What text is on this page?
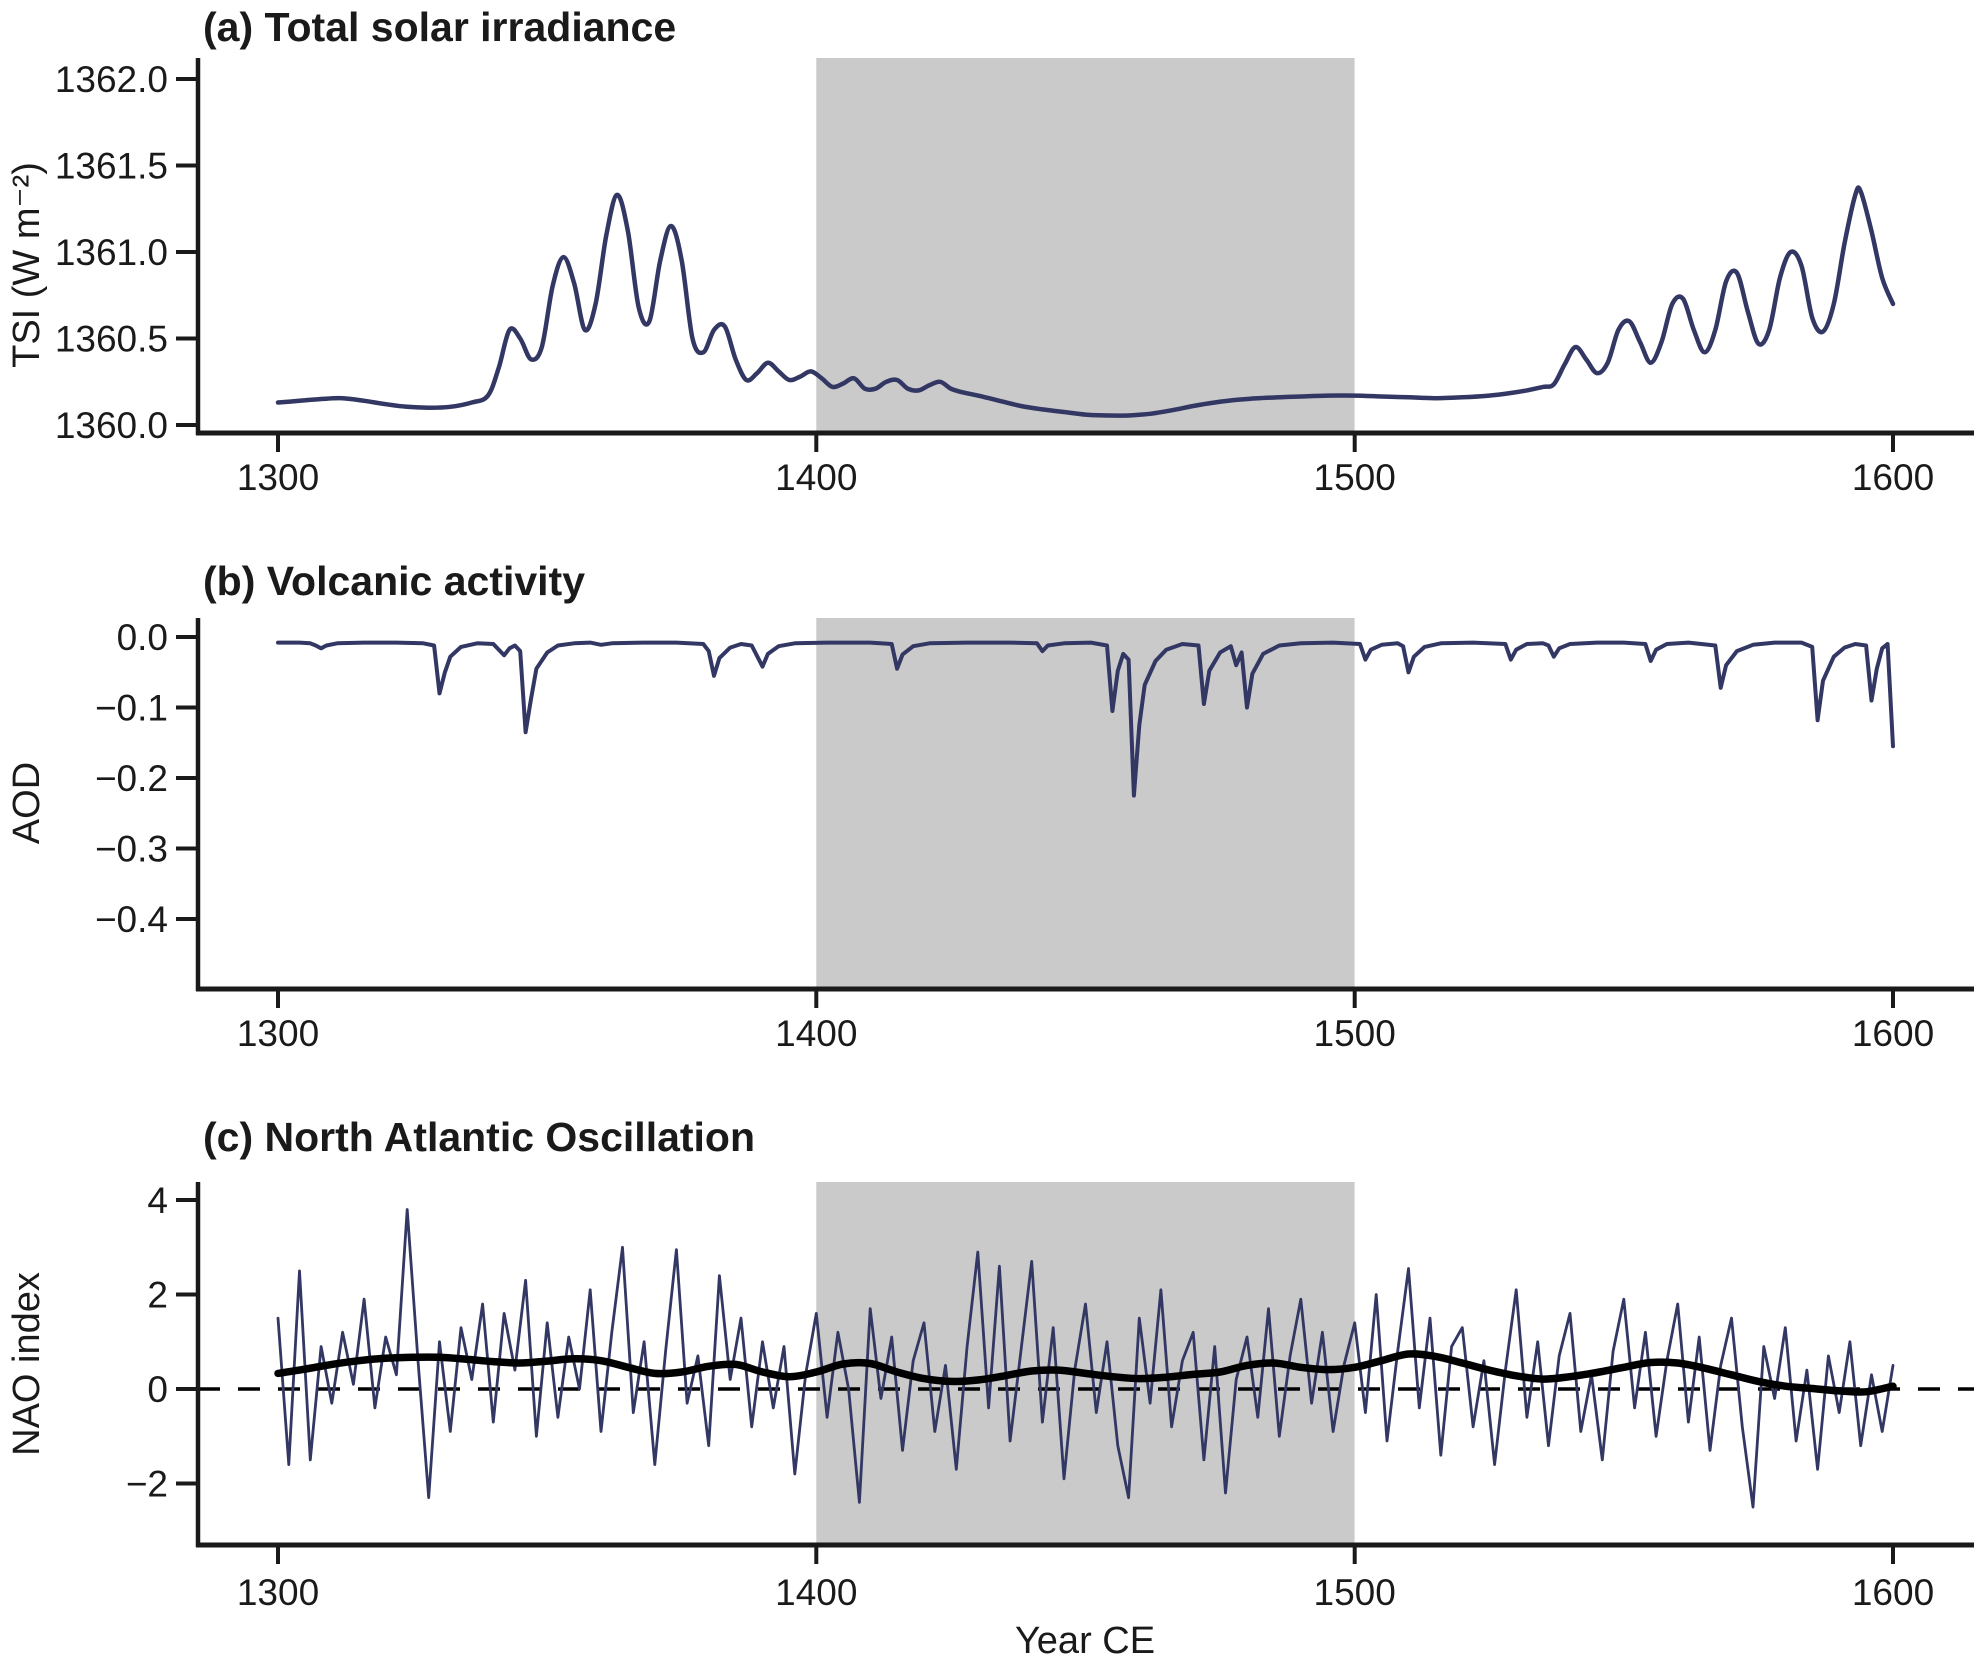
1362.0
1361.5
1361.0
1360.5
1360.0
1300	1400	1500	1600
0.0
−0.1
−0.2
−0.3
−0.4
1300	1400	1500	1600
4
2
0
−2
1300	1400	1500	1600
(a) Total solar irradiance
(b) Volcanic activity
(c) North Atlantic Oscillation
TSI (W m⁻²)
AOD
NAO index
Year CE
